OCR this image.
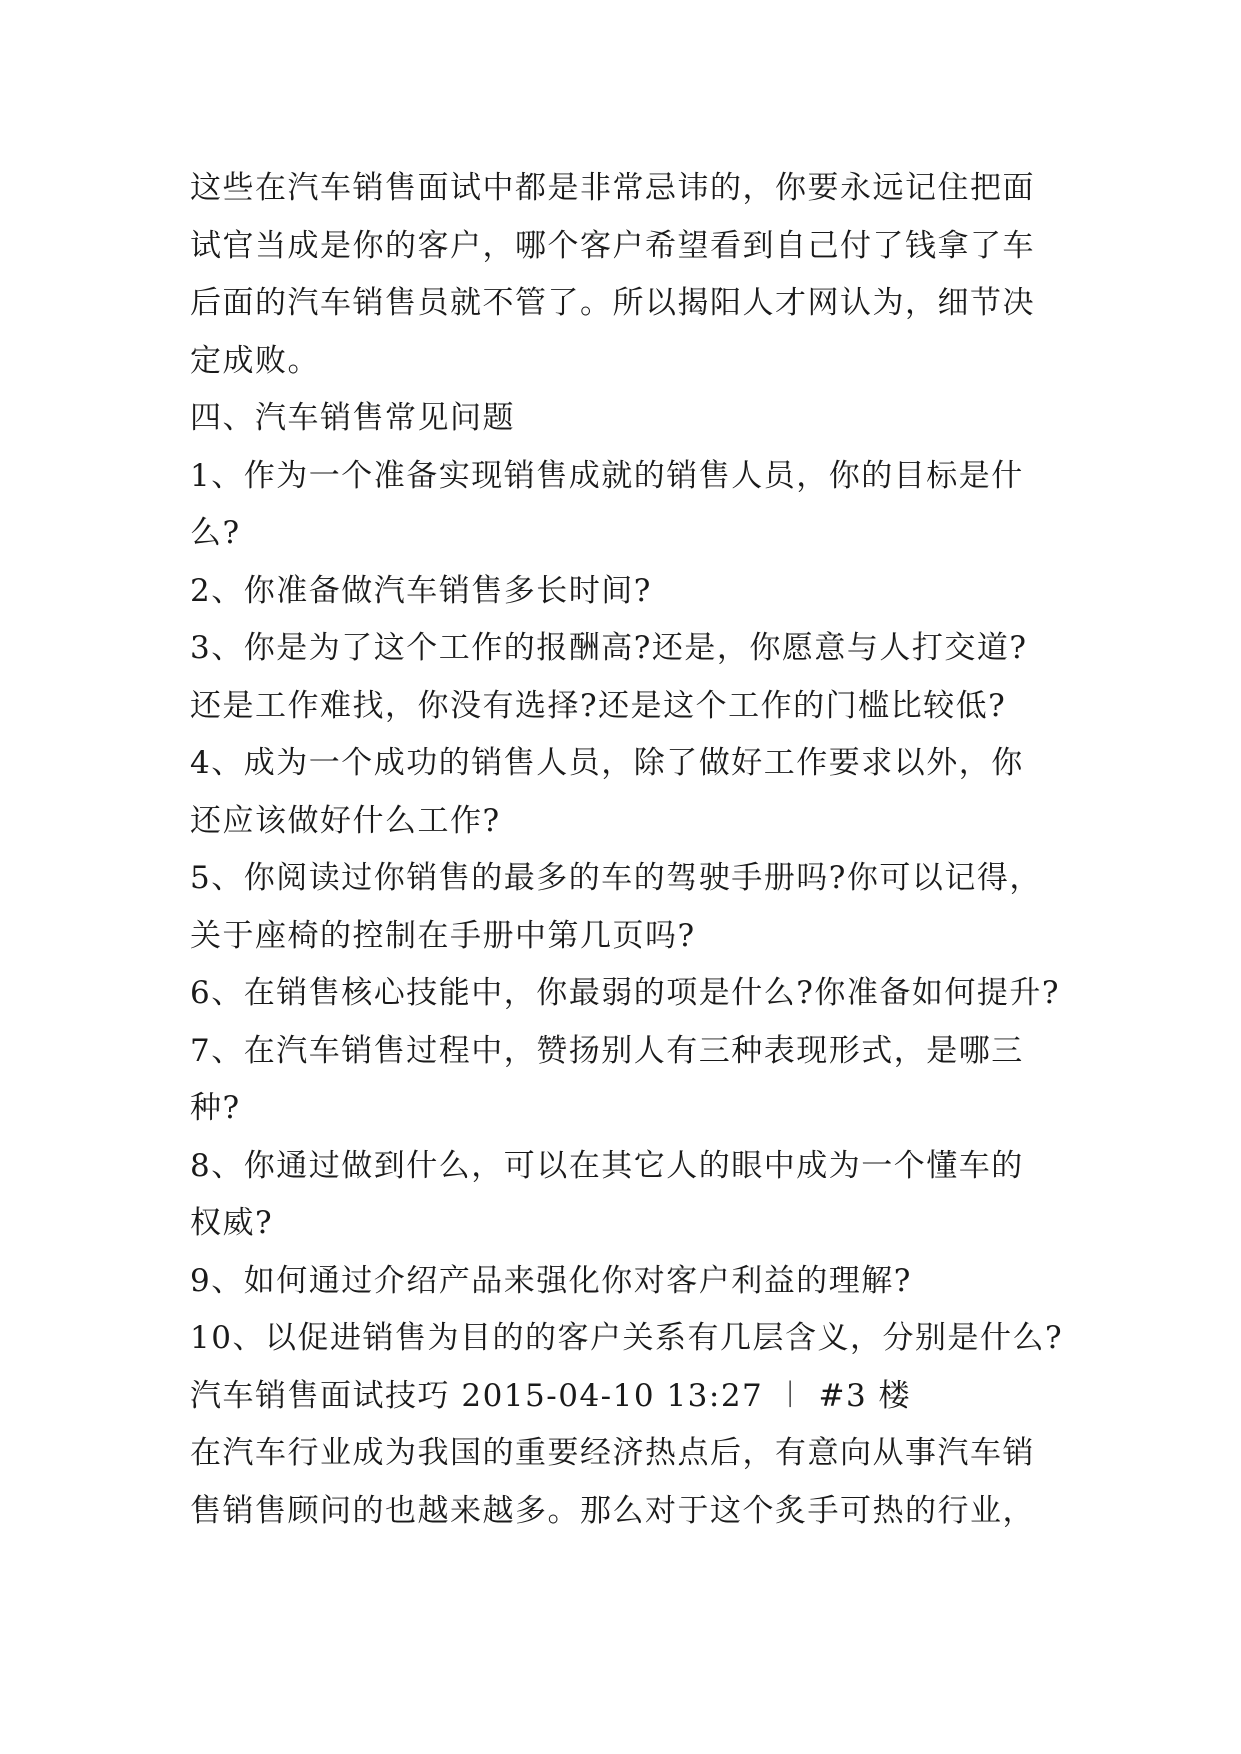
这些在汽车销售面试中都是非常忌讳的，你要永远记住把面
试官当成是你的客户，哪个客户希望看到自己付了钱拿了车
后面的汽车销售员就不管了。所以揭阳人才网认为，细节决
定成败。
四、汽车销售常见问题
1、作为一个准备实现销售成就的销售人员，你的目标是什
么?
2、你准备做汽车销售多长时间?
3、你是为了这个工作的报酬高?还是，你愿意与人打交道?
还是工作难找，你没有选择?还是这个工作的门槛比较低?
4、成为一个成功的销售人员，除了做好工作要求以外，你
还应该做好什么工作?
5、你阅读过你销售的最多的车的驾驶手册吗?你可以记得，
关于座椅的控制在手册中第几页吗?
6、在销售核心技能中，你最弱的项是什么?你准备如何提升?
7、在汽车销售过程中，赞扬别人有三种表现形式，是哪三
种?
8、你通过做到什么，可以在其它人的眼中成为一个懂车的
权威?
9、如何通过介绍产品来强化你对客户利益的理解?
10、以促进销售为目的的客户关系有几层含义，分别是什么?
汽车销售面试技巧 2015-04-10 13:27 ︱ #3 楼
在汽车行业成为我国的重要经济热点后，有意向从事汽车销
售销售顾问的也越来越多。那么对于这个炙手可热的行业，
